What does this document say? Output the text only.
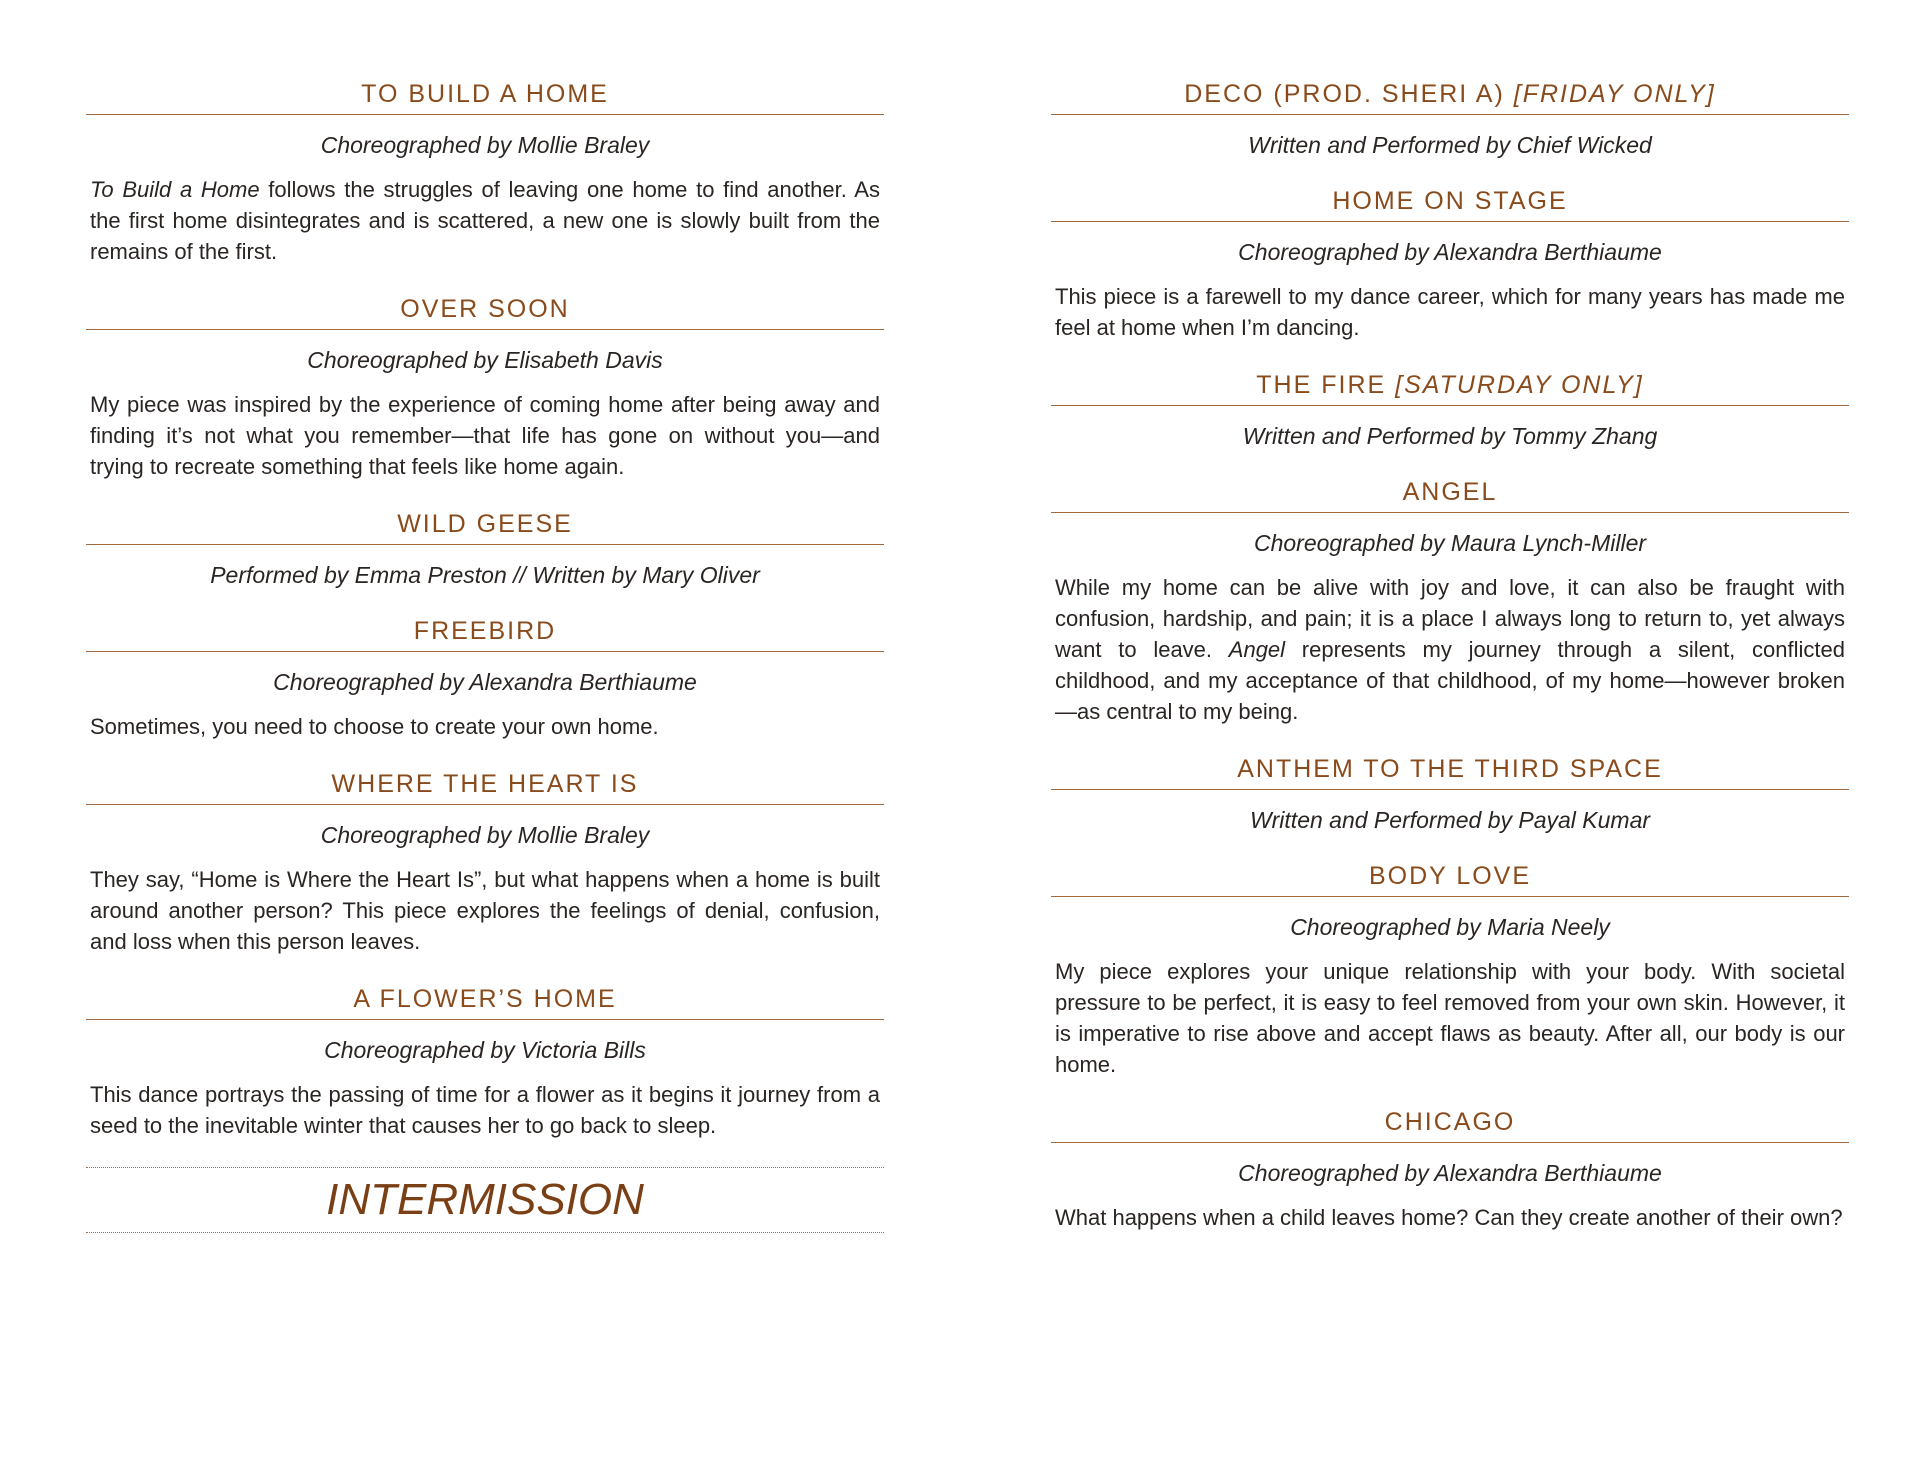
TO BUILD A HOME
Choreographed by Mollie Braley
To Build a Home follows the struggles of leaving one home to find another. As the first home disintegrates and is scattered, a new one is slowly built from the remains of the first.
OVER SOON
Choreographed by Elisabeth Davis
My piece was inspired by the experience of coming home after being away and finding it’s not what you remember—that life has gone on without you—and trying to recreate something that feels like home again.
WILD GEESE
Performed by Emma Preston // Written by Mary Oliver
FREEBIRD
Choreographed by Alexandra Berthiaume
Sometimes, you need to choose to create your own home.
WHERE THE HEART IS
Choreographed by Mollie Braley
They say, “Home is Where the Heart Is”, but what happens when a home is built around another person? This piece explores the feelings of denial, confusion, and loss when this person leaves.
A FLOWER’S HOME
Choreographed by Victoria Bills
This dance portrays the passing of time for a flower as it begins it journey from a seed to the inevitable winter that causes her to go back to sleep.
INTERMISSION
DECO (PROD. SHERI A) [FRIDAY ONLY]
Written and Performed by Chief Wicked
HOME ON STAGE
Choreographed by Alexandra Berthiaume
This piece is a farewell to my dance career, which for many years has made me feel at home when I’m dancing.
THE FIRE [SATURDAY ONLY]
Written and Performed by Tommy Zhang
ANGEL
Choreographed by Maura Lynch-Miller
While my home can be alive with joy and love, it can also be fraught with confusion, hardship, and pain; it is a place I always long to return to, yet always want to leave. Angel represents my journey through a silent, conflicted childhood, and my acceptance of that childhood, of my home—however broken—as central to my being.
ANTHEM TO THE THIRD SPACE
Written and Performed by Payal Kumar
BODY LOVE
Choreographed by Maria Neely
My piece explores your unique relationship with your body. With societal pressure to be perfect, it is easy to feel removed from your own skin. However, it is imperative to rise above and accept flaws as beauty. After all, our body is our home.
CHICAGO
Choreographed by Alexandra Berthiaume
What happens when a child leaves home? Can they create another of their own?
